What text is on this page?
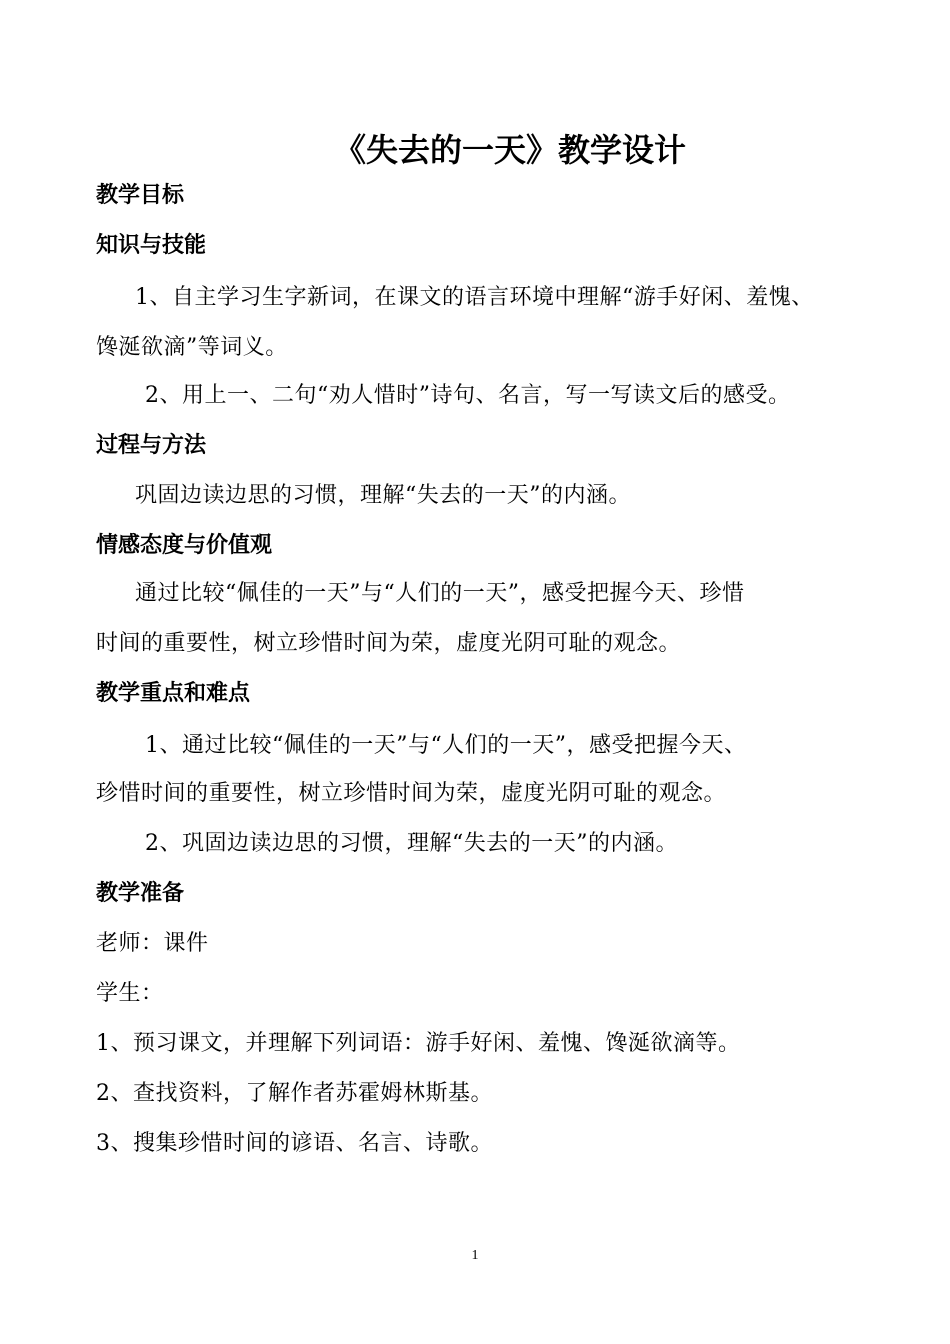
《失去的一天》教学设计
教学目标
知识与技能
1、自主学习生字新词，在课文的语言环境中理解“游手好闲、羞愧、
馋涎欲滴”等词义。
2、用上一、二句“劝人惜时”诗句、名言，写一写读文后的感受。
过程与方法
巩固边读边思的习惯，理解“失去的一天”的内涵。
情感态度与价值观
通过比较“佩佳的一天”与“人们的一天”，感受把握今天、珍惜
时间的重要性，树立珍惜时间为荣，虚度光阴可耻的观念。
教学重点和难点
1、通过比较“佩佳的一天”与“人们的一天”，感受把握今天、
珍惜时间的重要性，树立珍惜时间为荣，虚度光阴可耻的观念。
2、巩固边读边思的习惯，理解“失去的一天”的内涵。
教学准备
老师：课件
学生：
1、预习课文，并理解下列词语：游手好闲、羞愧、馋涎欲滴等。
2、查找资料，了解作者苏霍姆林斯基。
3、搜集珍惜时间的谚语、名言、诗歌。
1
